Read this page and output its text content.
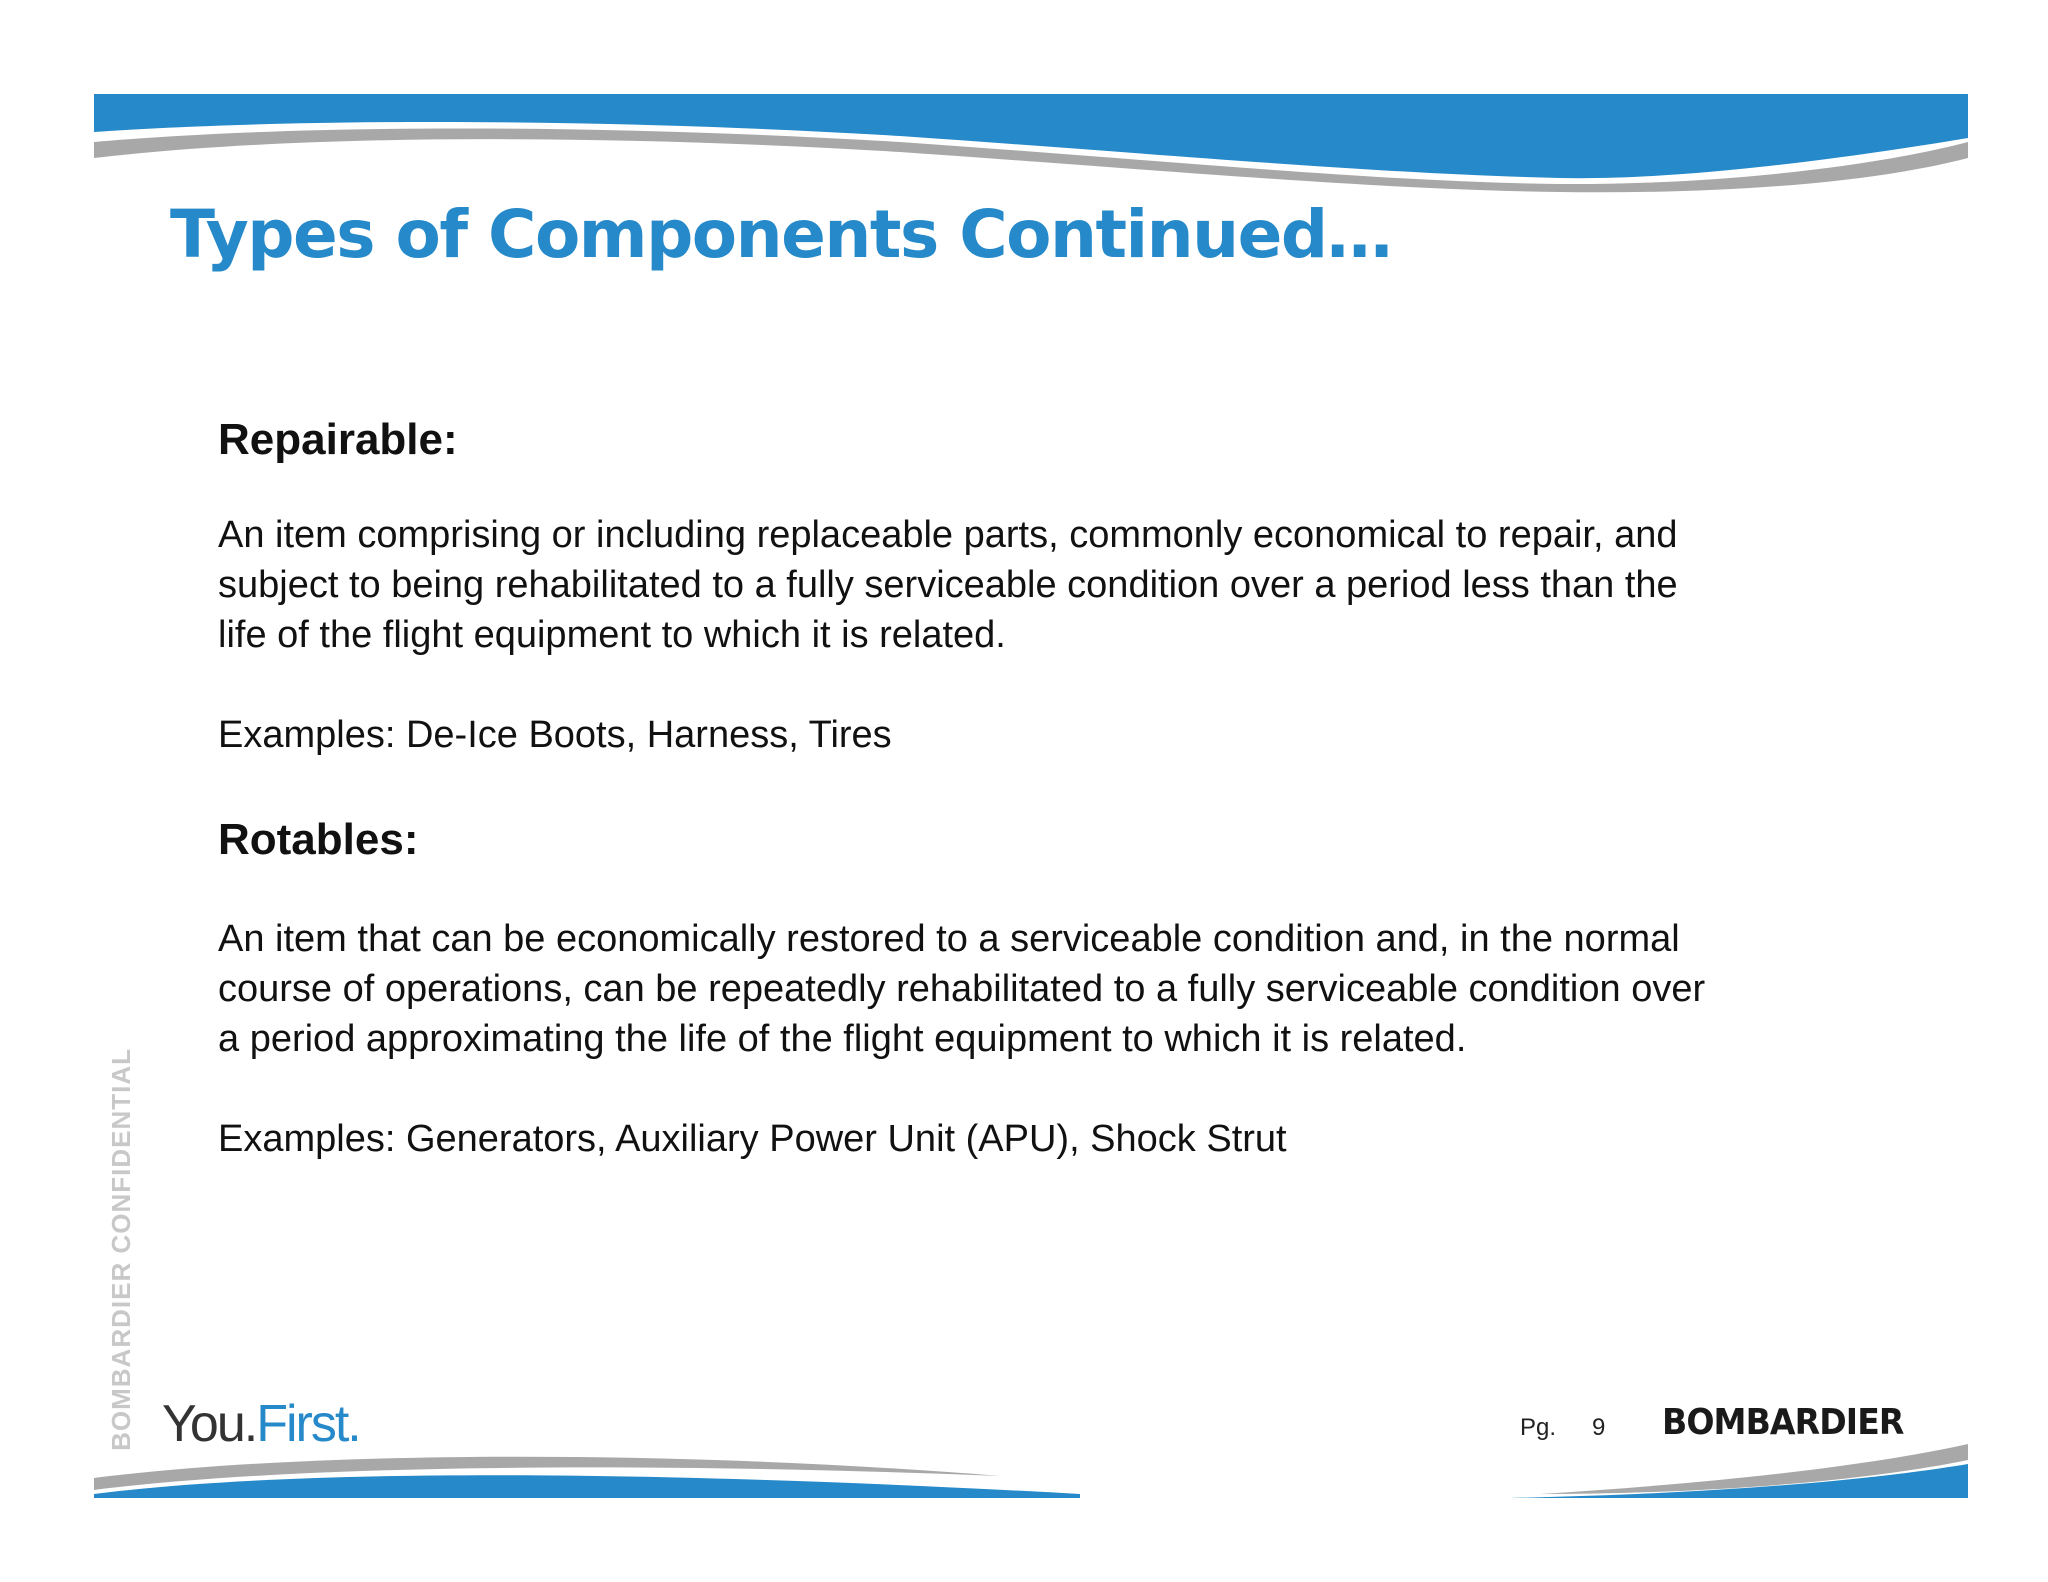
Types of Components Continued…
Repairable:

An item comprising or including replaceable parts, commonly economical to repair, and

subject to being rehabilitated to a fully serviceable condition over a period less than the

life of the flight equipment to which it is related.

Examples: De-Ice Boots, Harness, Tires

Rotables:

An item that can be economically restored to a serviceable condition and, in the normal

course of operations, can be repeatedly rehabilitated to a fully serviceable condition over

a period approximating the life of the flight equipment to which it is related.

Examples: Generators, Auxiliary Power Unit (APU), Shock Strut

BOMBARDIER CONFIDENTIAL You.First.	Pg. 9 BOMBARDIER
